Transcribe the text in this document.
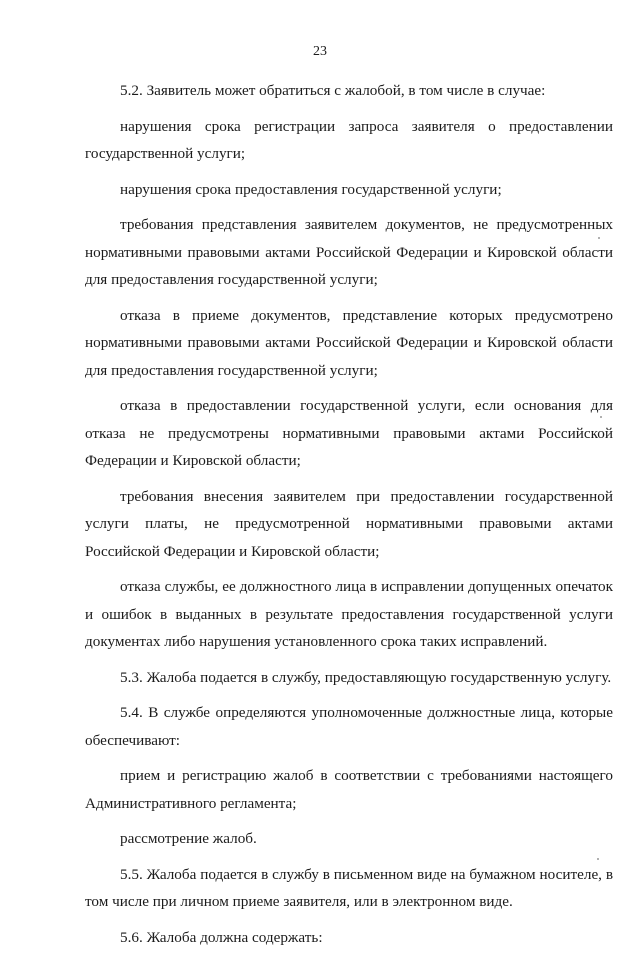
23

5.2. Заявитель может обратиться с жалобой, в том числе в случае:

нарушения срока регистрации запроса заявителя о предоставлении государственной услуги;

нарушения срока предоставления государственной услуги;

требования представления заявителем документов, не предусмотренных нормативными правовыми актами Российской Федерации и Кировской области для предоставления государственной услуги;

отказа в приеме документов, представление которых предусмотрено нормативными правовыми актами Российской Федерации и Кировской области для предоставления государственной услуги;

отказа в предоставлении государственной услуги, если основания для отказа не предусмотрены нормативными правовыми актами Российской Федерации и Кировской области;

требования внесения заявителем при предоставлении государственной услуги платы, не предусмотренной нормативными правовыми актами Российской Федерации и Кировской области;

отказа службы, ее должностного лица в исправлении допущенных опечаток и ошибок в выданных в результате предоставления государственной услуги документах либо нарушения установленного срока таких исправлений.

5.3. Жалоба подается в службу, предоставляющую государственную услугу.

5.4. В службе определяются уполномоченные должностные лица, которые обеспечивают:

прием и регистрацию жалоб в соответствии с требованиями настоящего Административного регламента;

рассмотрение жалоб.

5.5. Жалоба подается в службу в письменном виде на бумажном носителе, в том числе при личном приеме заявителя, или в электронном виде.

5.6. Жалоба должна содержать:
